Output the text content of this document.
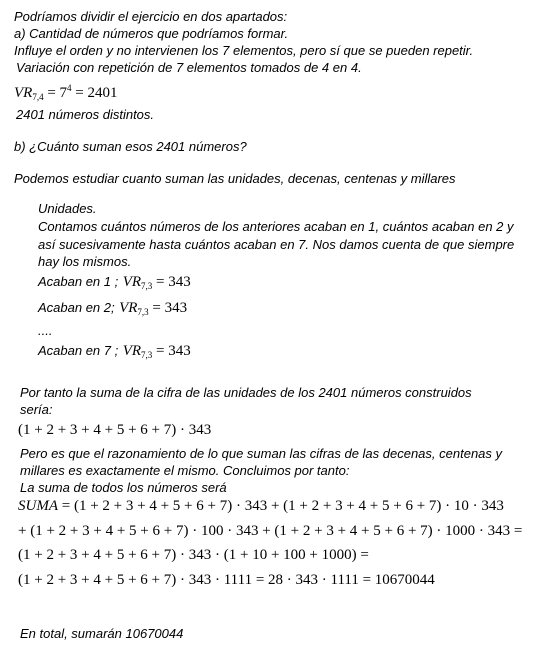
Podríamos dividir el ejercicio en dos apartados:
a) Cantidad de números que podríamos formar.
Influye el orden y no intervienen los 7 elementos, pero sí que se pueden repetir.
Variación con repetición de 7 elementos tomados de 4 en 4.
$VR_{7,4} = 7^4 = 2401$
2401 números distintos.
b) ¿Cuánto suman esos 2401 números?
Podemos estudiar cuanto suman las unidades, decenas, centenas y millares
Unidades.
Contamos cuántos números de los anteriores acaban en 1, cuántos acaban en 2 y
así sucesivamente hasta cuántos acaban en 7. Nos damos cuenta de que siempre
hay los mismos.
Acaban en 1 ; $VR_{7,3} = 343$
Acaban en 2; $VR_{7,3} = 343$
....
Acaban en 7 ; $VR_{7,3} = 343$
Por tanto la suma de la cifra de las unidades de los 2401 números construidos
sería:
(1 + 2 + 3 + 4 + 5 + 6 + 7) · 343
Pero es que el razonamiento de lo que suman las cifras de las decenas, centenas y
millares es exactamente el mismo. Concluimos por tanto:
La suma de todos los números será
SUMA = (1 + 2 + 3 + 4 + 5 + 6 + 7) · 343 + (1 + 2 + 3 + 4 + 5 + 6 + 7) · 10 · 343
+ (1 + 2 + 3 + 4 + 5 + 6 + 7) · 100 · 343 + (1 + 2 + 3 + 4 + 5 + 6 + 7) · 1000 · 343 =
(1 + 2 + 3 + 4 + 5 + 6 + 7) · 343 · (1 + 10 + 100 + 1000) =
(1 + 2 + 3 + 4 + 5 + 6 + 7) · 343 · 1111 = 28 · 343 · 1111 = 10670044
En total, sumarán 10670044
